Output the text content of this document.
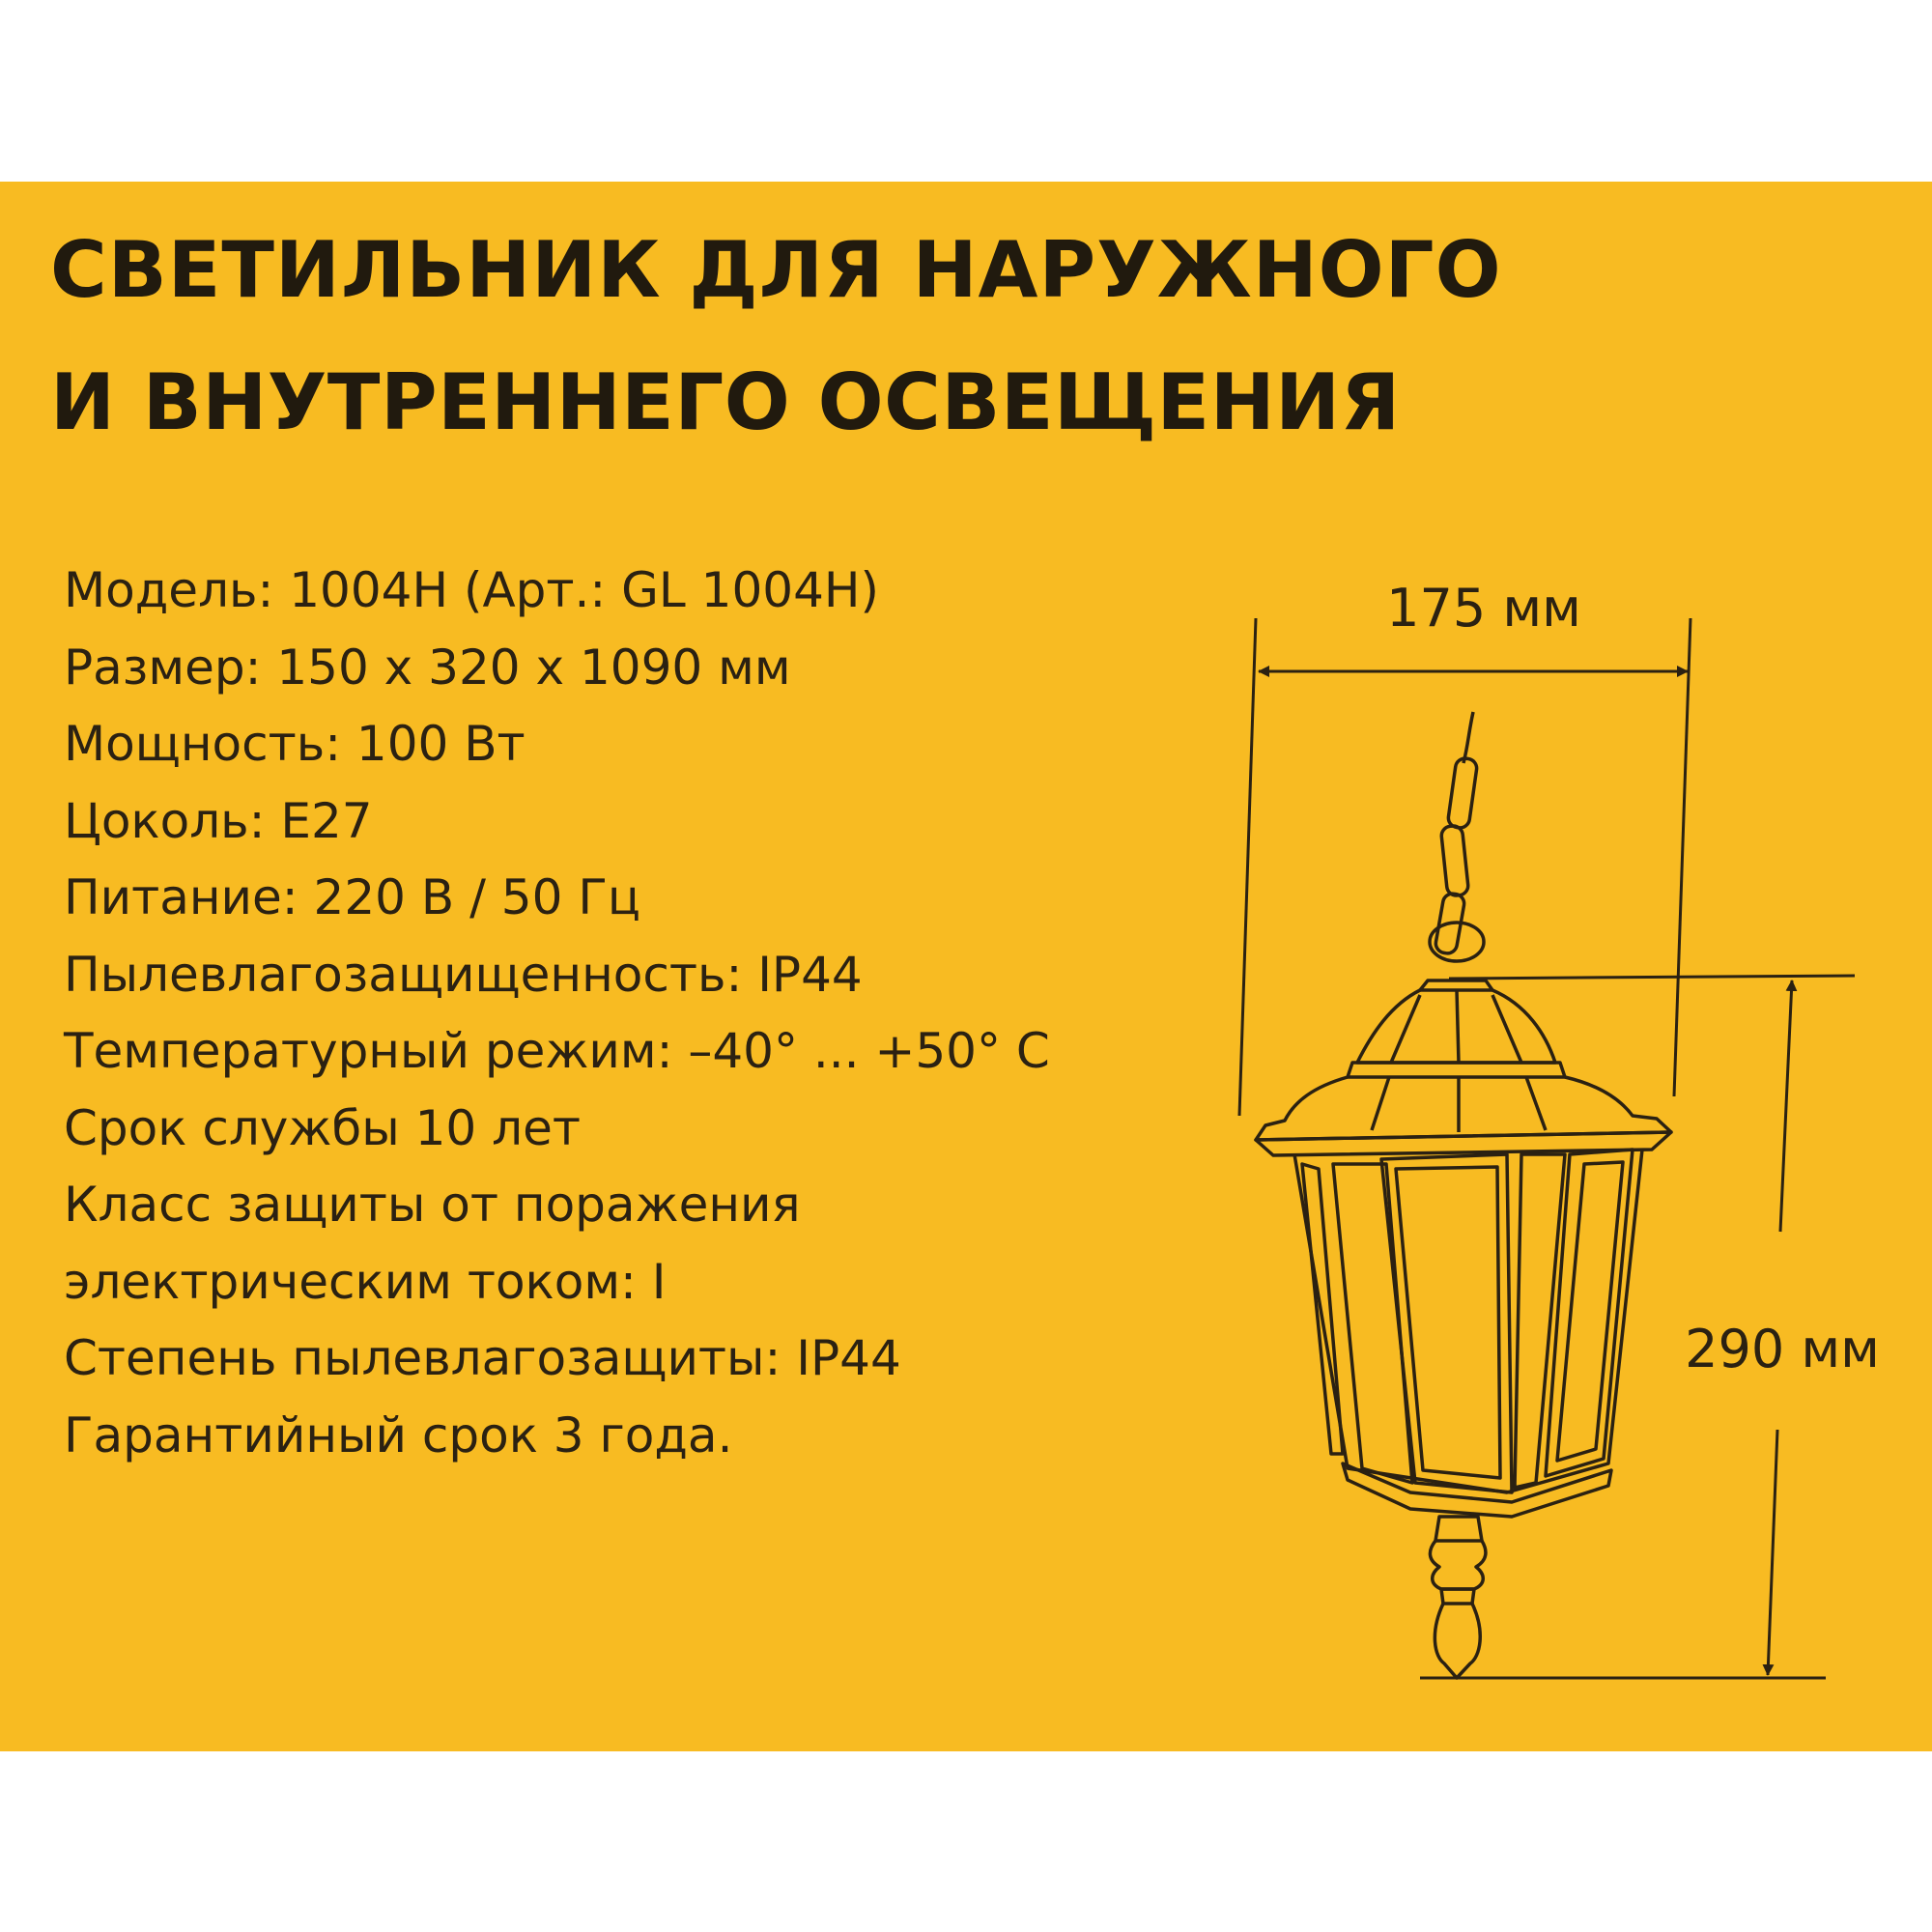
СВЕТИЛЬНИК ДЛЯ НАРУЖНОГО
И ВНУТРЕННЕГО ОСВЕЩЕНИЯ
Модель: 1004H (Арт.: GL 1004H)
Размер: 150 x 320 x 1090 мм
Мощность: 100 Вт
Цоколь: E27
Питание: 220 В / 50 Гц
Пылевлагозащищенность: IP44
Температурный режим: –40° ... +50° С
Срок службы 10 лет
Класс защиты от поражения
электрическим током: I
Степень пылевлагозащиты: IP44
Гарантийный срок 3 года.
175 мм
290 мм
